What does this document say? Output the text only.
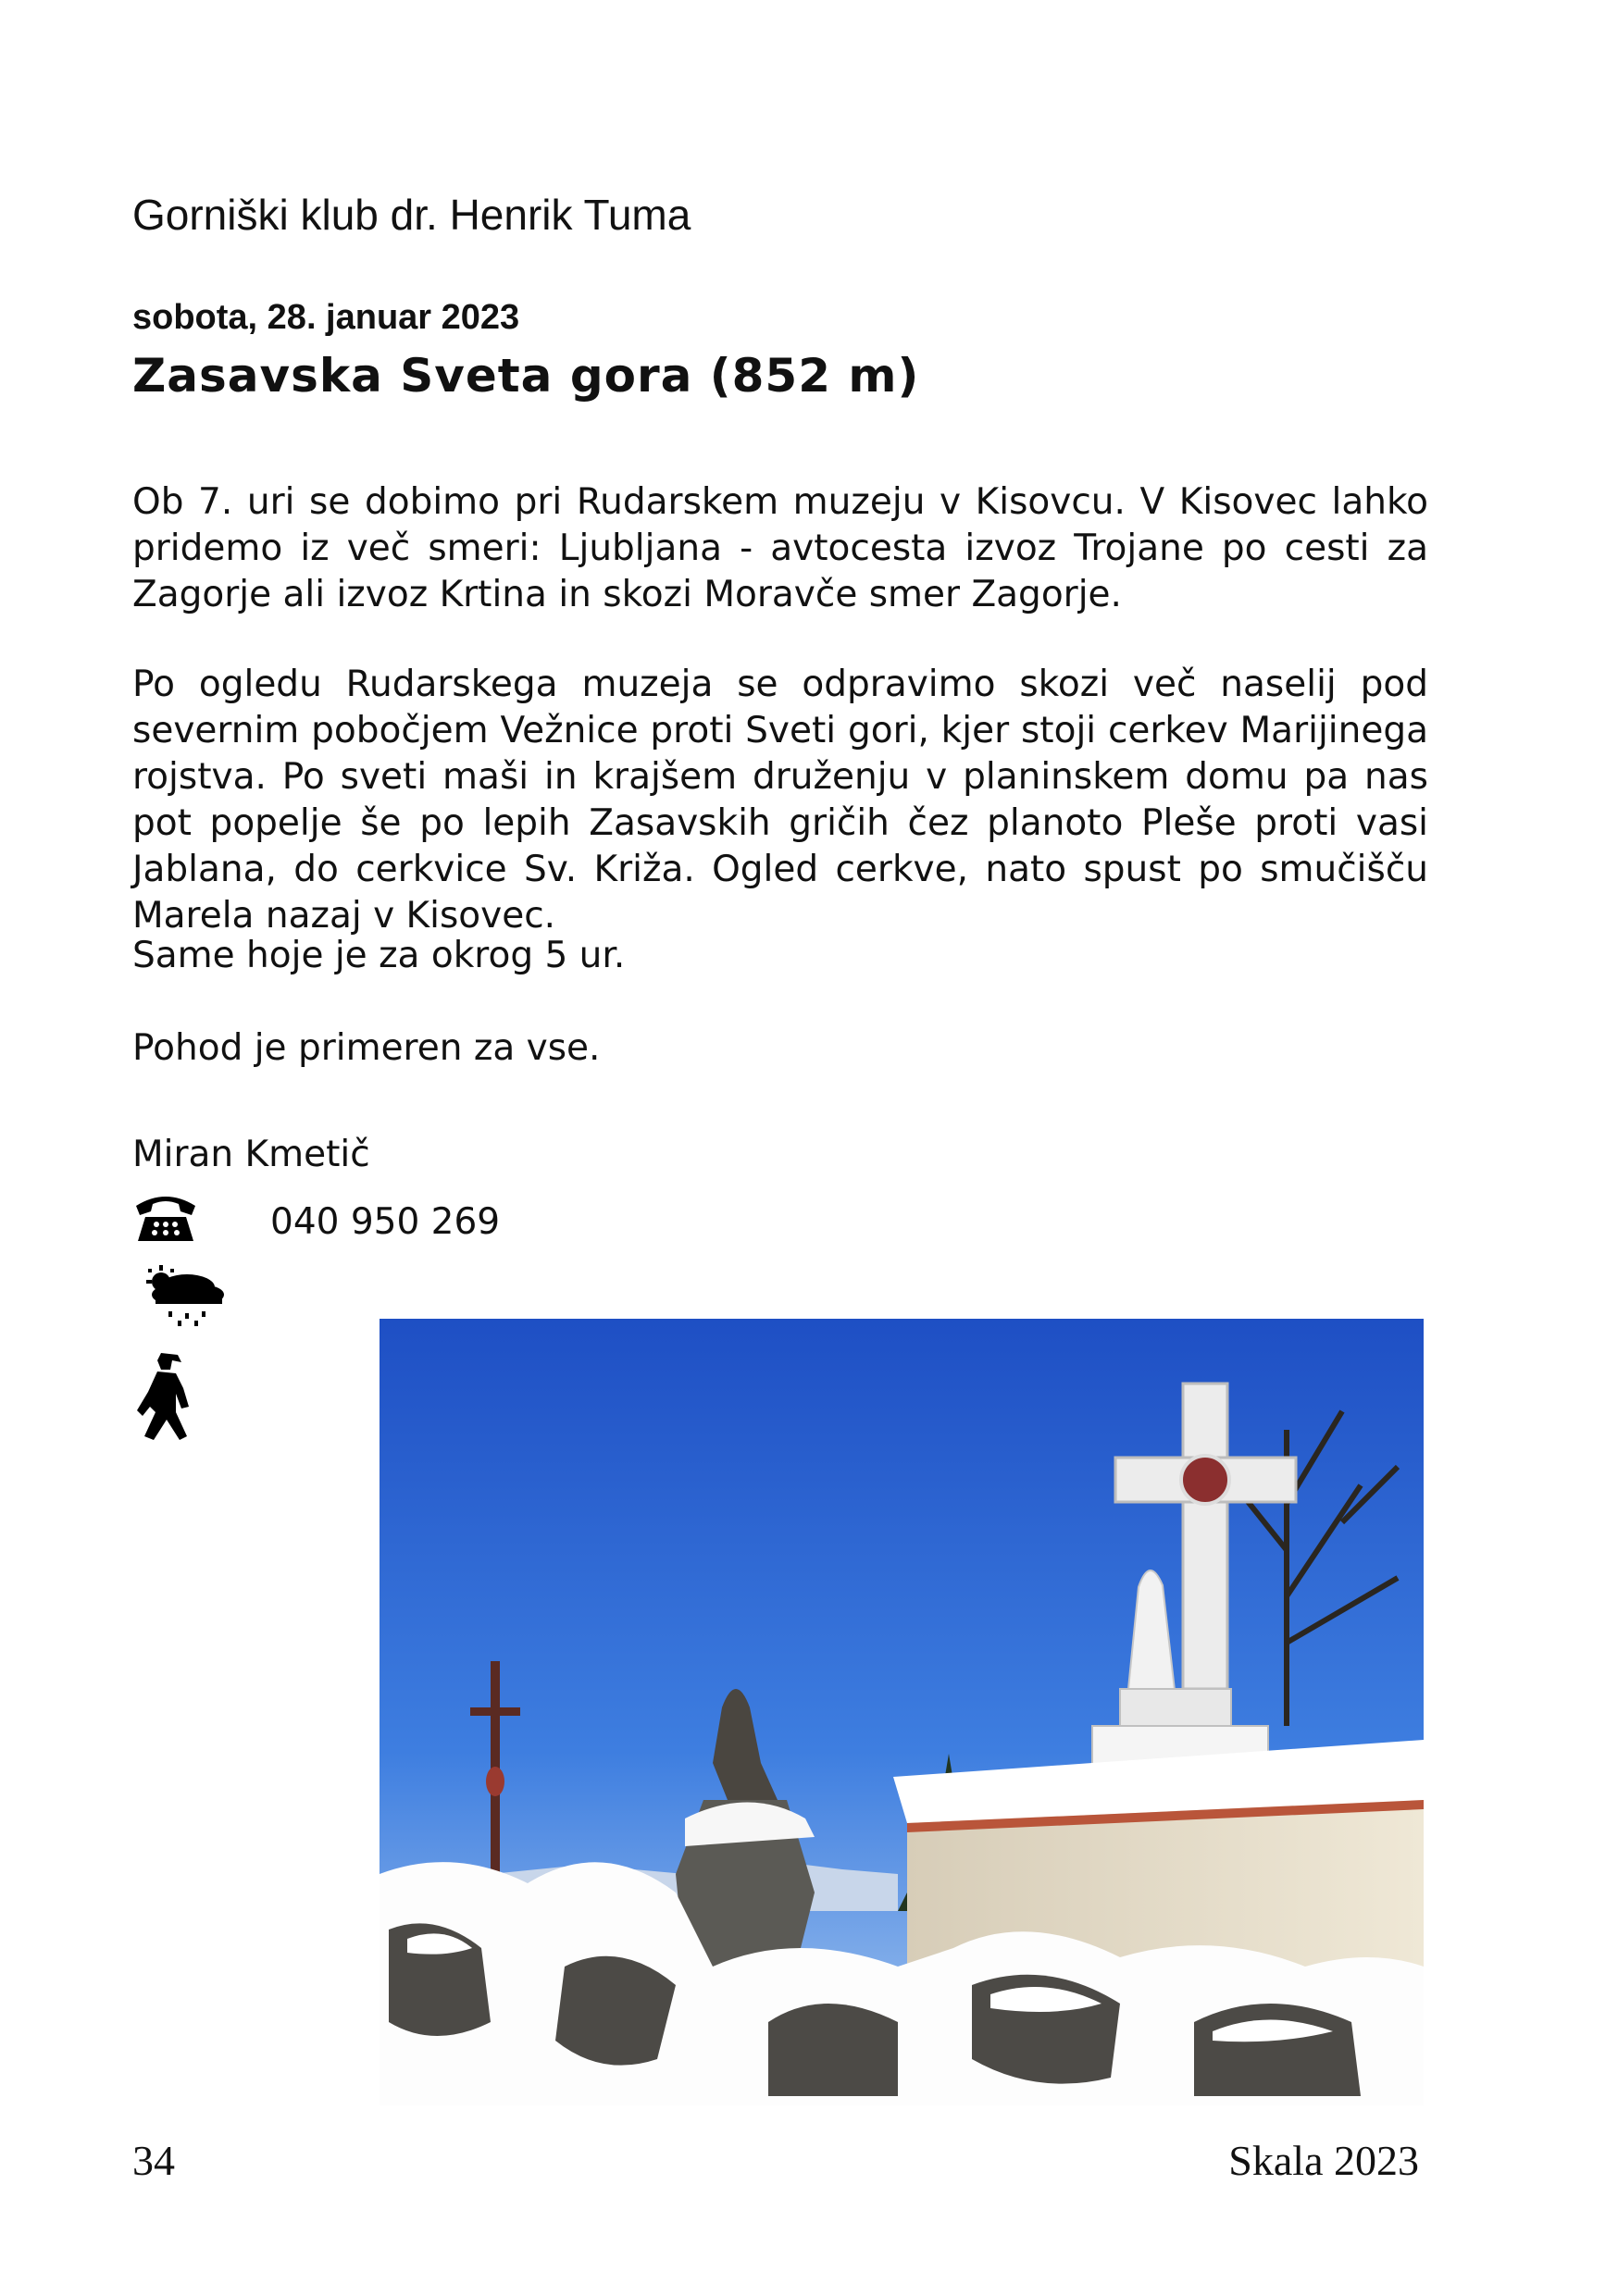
Gorniški klub dr. Henrik Tuma
sobota, 28. januar 2023
Zasavska Sveta gora (852 m)

Ob 7. uri se dobimo pri Rudarskem muzeju v Kisovcu. V Kisovec lahko pridemo iz več smeri: Ljubljana - avtocesta izvoz Trojane po cesti za Zagorje ali izvoz Krtina in skozi Moravče smer Zagorje.

Po ogledu Rudarskega muzeja se odpravimo skozi več naselij pod severnim pobočjem Vežnice proti Sveti gori, kjer stoji cerkev Marijinega rojstva. Po sveti maši in krajšem druženju v planinskem domu pa nas pot popelje še po lepih Zasavskih gričih čez planoto Pleše proti vasi Jablana, do cerkvice Sv. Križa. Ogled cerkve, nato spust po smučišču Marela nazaj v Kisovec.

Same hoje je za okrog 5 ur.
Pohod je primeren za vse.
Miran Kmetič
040 950 269
34	Skala 2023
